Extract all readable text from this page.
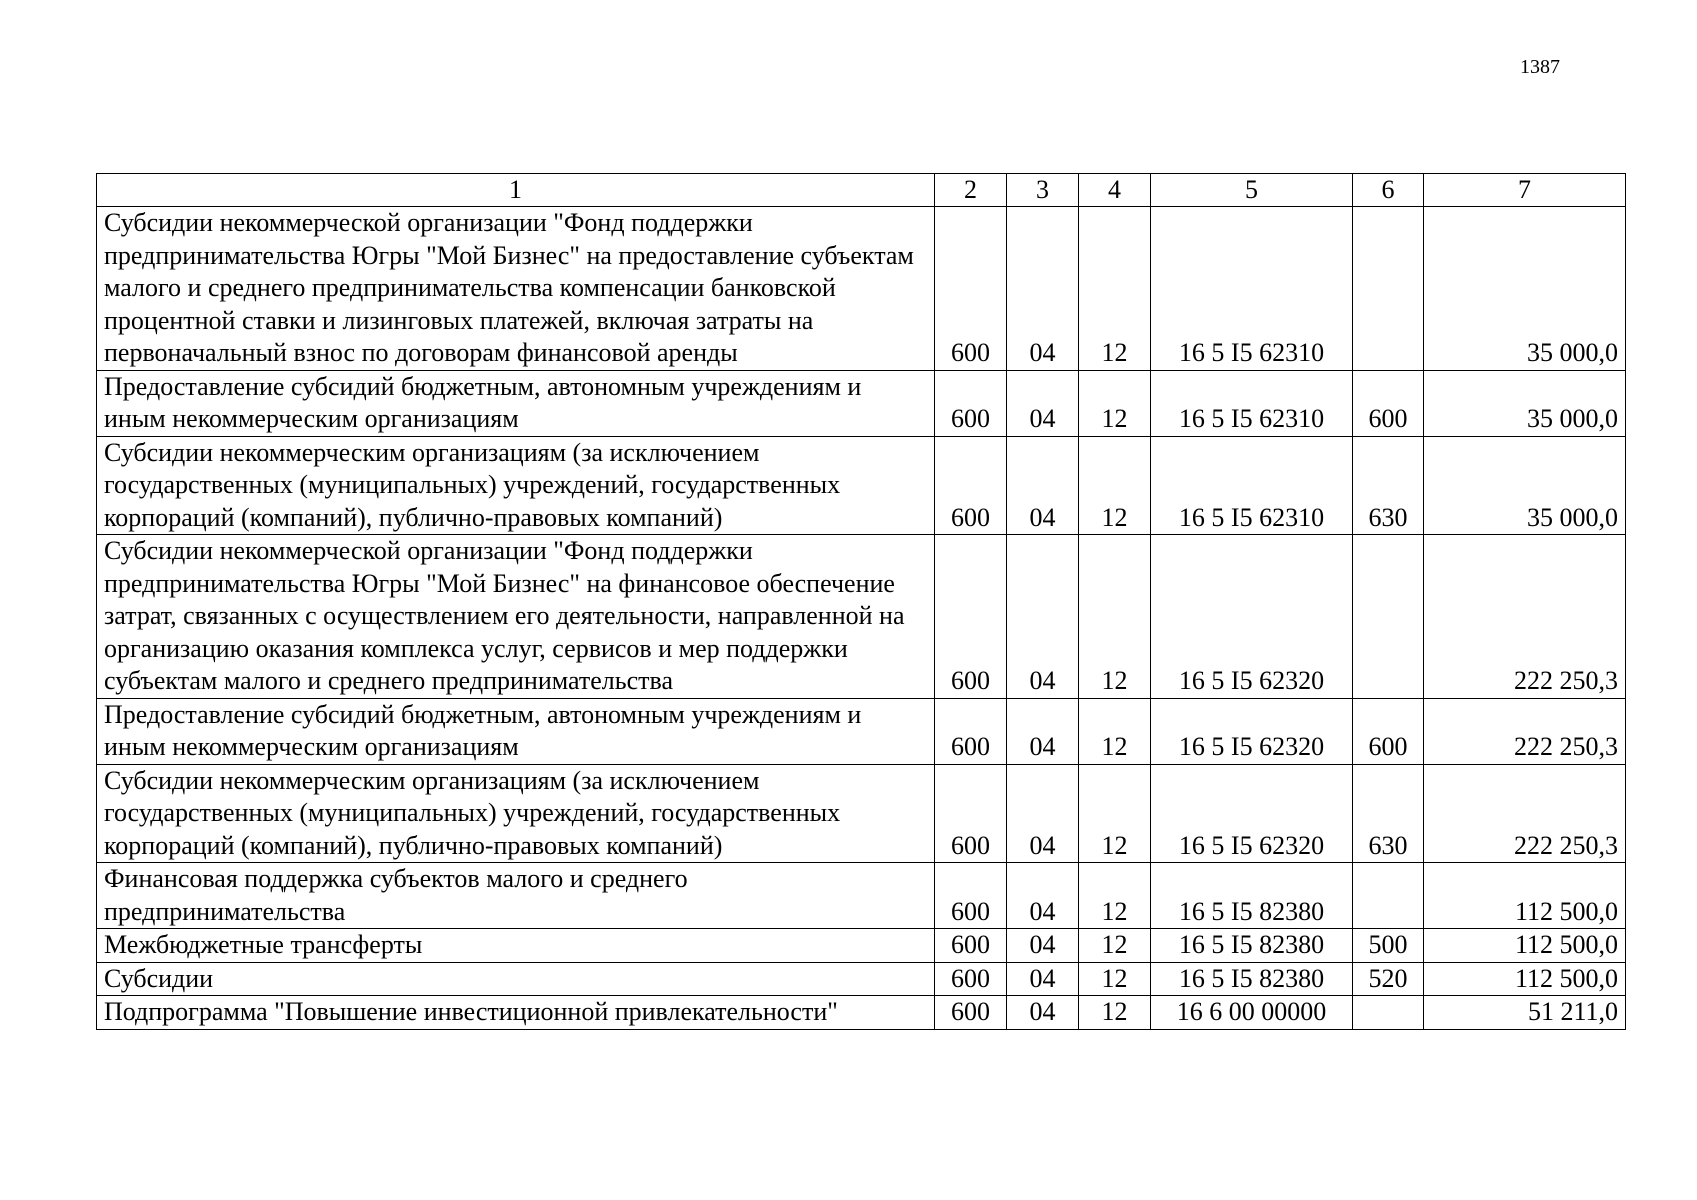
1387
1	2	3	4	5	6	7
Субсидии некоммерческой организации "Фонд поддержки предпринимательства Югры "Мой Бизнес" на предоставление субъектам малого и среднего предпринимательства компенсации банковской процентной ставки и лизинговых платежей, включая затраты на первоначальный взнос по договорам финансовой аренды	600	04	12	16 5 I5 62310		35 000,0
Предоставление субсидий бюджетным, автономным учреждениям и иным некоммерческим организациям	600	04	12	16 5 I5 62310	600	35 000,0
Субсидии некоммерческим организациям (за исключением государственных (муниципальных) учреждений, государственных корпораций (компаний), публично-правовых компаний)	600	04	12	16 5 I5 62310	630	35 000,0
Субсидии некоммерческой организации "Фонд поддержки предпринимательства Югры "Мой Бизнес" на финансовое обеспечение затрат, связанных с осуществлением его деятельности, направленной на организацию оказания комплекса услуг, сервисов и мер поддержки субъектам малого и среднего предпринимательства	600	04	12	16 5 I5 62320		222 250,3
Предоставление субсидий бюджетным, автономным учреждениям и иным некоммерческим организациям	600	04	12	16 5 I5 62320	600	222 250,3
Субсидии некоммерческим организациям (за исключением государственных (муниципальных) учреждений, государственных корпораций (компаний), публично-правовых компаний)	600	04	12	16 5 I5 62320	630	222 250,3
Финансовая поддержка субъектов малого и среднего предпринимательства	600	04	12	16 5 I5 82380		112 500,0
Межбюджетные трансферты	600	04	12	16 5 I5 82380	500	112 500,0
Субсидии	600	04	12	16 5 I5 82380	520	112 500,0
Подпрограмма "Повышение инвестиционной привлекательности"	600	04	12	16 6 00 00000		51 211,0
